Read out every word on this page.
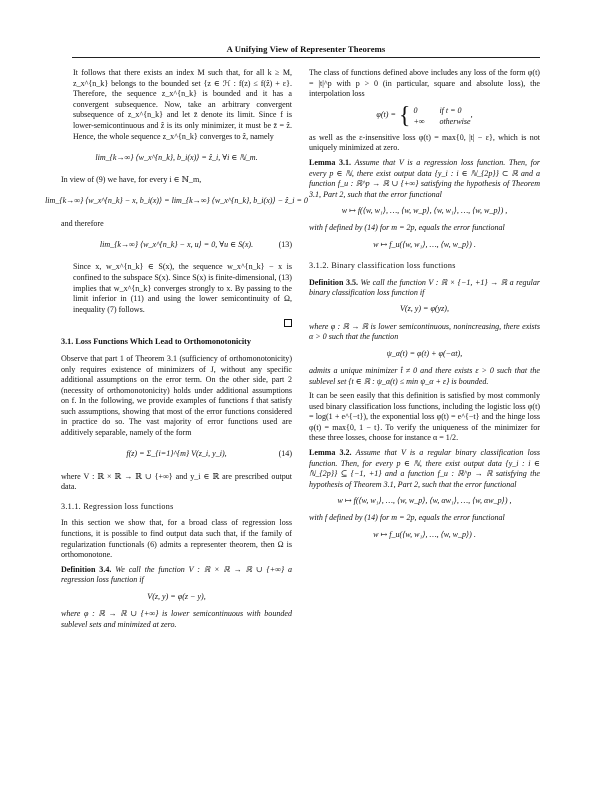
A Unifying View of Representer Theorems

It follows that there exists an index M such that, for all k ≥ M, z_x^{n_k} belongs to the bounded set {z ∈ ℋ : f(z) ≤ f(ẑ) + ε}. Therefore, the sequence z_x^{n_k} is bounded and it has a convergent subsequence. Now, take an arbitrary convergent subsequence of z_x^{n_k} and let z̄ denote its limit. Since f is lower-semicontinuous and ẑ is its only minimizer, it must be z̄ = ẑ. Hence, the whole sequence z_x^{n_k} converges to ẑ, namely

lim_{k→∞} ⟨w_x^{n_k}, b_i(x)⟩ = ẑ_i, ∀i ∈ ℕ_m.

In view of (9) we have, for every i ∈ ℕ_m,

lim_{k→∞} ⟨w_x^{n_k} − x, b_i(x)⟩ = lim_{k→∞} ⟨w_x^{n_k}, b_i(x)⟩ − ẑ_i = 0

and therefore

lim_{k→∞} ⟨w_x^{n_k} − x, u⟩ = 0, ∀u ∈ S(x).	(13)

Since x, w_x^{n_k} ∈ S(x), the sequence w_x^{n_k} − x is confined to the subspace S(x). Since S(x) is finite-dimensional, (13) implies that w_x^{n_k} converges strongly to x. By passing to the limit inferior in (11) and using the lower semicontinuity of Ω, inequality (7) follows.

3.1. Loss Functions Which Lead to Orthomonotonicity

Observe that part 1 of Theorem 3.1 (sufficiency of orthomonotonicity) only requires existence of minimizers of J, without any specific additional assumptions on the error term. On the other side, part 2 (necessity of orthomonotonicity) holds under additional assumptions on f. In the following, we provide examples of functions f that satisfy such assumptions, showing that most of the error functions considered in practice do so. The vast majority of error functions used are additively separable, namely of the form

f(z) = Σ_{i=1}^{m} V(z_i, y_i),	(14)

where V : ℝ × ℝ → ℝ ∪ {+∞} and y_i ∈ ℝ are prescribed output data.

3.1.1. Regression loss functions

In this section we show that, for a broad class of regression loss functions, it is possible to find output data such that, if the family of regularization functionals (6) admits a representer theorem, then Ω is orthomonotone.

Definition 3.4. We call the function V : ℝ × ℝ → ℝ ∪ {+∞} a regression loss function if

V(z, y) = φ(z − y),

where φ : ℝ → ℝ ∪ {+∞} is lower semicontinuous with bounded sublevel sets and minimized at zero.

The class of functions defined above includes any loss of the form φ(t) = |t|^p with p > 0 (in particular, square and absolute loss), the interpolation loss

φ(t) = { 0	if t = 0
+∞ otherwise
,

as well as the ε-insensitive loss φ(t) = max{0, |t| − ε}, which is not uniquely minimized at zero.

Lemma 3.1. Assume that V is a regression loss function. Then, for every p ∈ ℕ, there exist output data {y_i : i ∈ ℕ_{2p}} ⊂ ℝ and a function f_u : ℝ^p → ℝ ∪ {+∞} satisfying the hypothesis of Theorem 3.1, Part 2, such that the error functional

w ↦ f(⟨w, w₁⟩, …, ⟨w, w_p⟩, ⟨w, w₁⟩, …, ⟨w, w_p⟩) ,

with f defined by (14) for m = 2p, equals the error functional

w ↦ f_u(⟨w, w₁⟩, …, ⟨w, w_p⟩) .
3.1.2. Binary classification loss functions

Definition 3.5. We call the function V : ℝ × {−1, +1} → ℝ a regular binary classification loss function if

V(z, y) = φ(yz),

where φ : ℝ → ℝ is lower semicontinuous, nonincreasing, there exists α > 0 such that the function

ψ_α(t) = φ(t) + φ(−αt),

admits a unique minimizer t̂ ≠ 0 and there exists ε > 0 such that the sublevel set {t ∈ ℝ : ψ_α(t) ≤ min ψ_α + ε} is bounded.

It can be seen easily that this definition is satisfied by most commonly used binary classification loss functions, including the logistic loss φ(t) = log(1 + e^{−t}), the exponential loss φ(t) = e^{−t} and the hinge loss φ(t) = max{0, 1 − t}. To verify the uniqueness of the minimizer for these three losses, choose for instance α = 1/2.

Lemma 3.2. Assume that V is a regular binary classification loss function. Then, for every p ∈ ℕ, there exist output data {y_i : i ∈ ℕ_{2p}} ⊆ {−1, +1} and a function f_u : ℝ^p → ℝ satisfying the hypothesis of Theorem 3.1, Part 2, such that the error functional

w ↦ f(⟨w, w₁⟩, …, ⟨w, w_p⟩, ⟨w, αw₁⟩, …, ⟨w, αw_p⟩) ,

with f defined by (14) for m = 2p, equals the error functional

w ↦ f_u(⟨w, w₁⟩, …, ⟨w, w_p⟩) .
